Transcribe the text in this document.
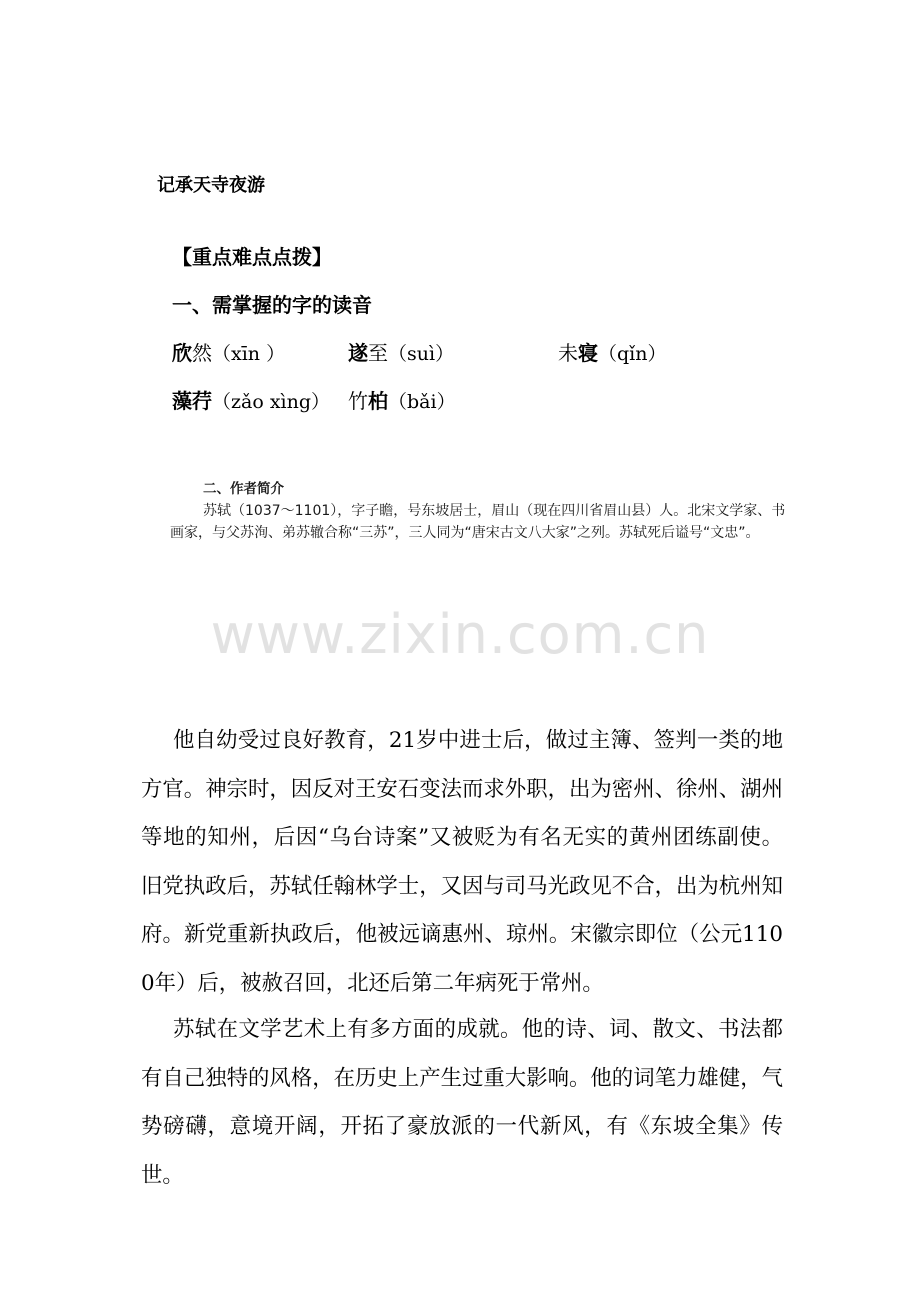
记承天寺夜游
【重点难点点拨】
一、需掌握的字的读音
欣然（xīn ）	遂至（suì）	未寝（qǐn）
藻荇（zǎo xìng） 竹柏（bǎi）
二、作者简介

苏轼（1037～1101），字子瞻，号东坡居士，眉山（现在四川省眉山县）人。北宋文学家、书画家，与父苏洵、弟苏辙合称“三苏”，三人同为“唐宋古文八大家”之列。苏轼死后谥号“文忠”。

www.zixin.com.cn

他自幼受过良好教育，21岁中进士后，做过主簿、签判一类的地方官。神宗时，因反对王安石变法而求外职，出为密州、徐州、湖州等地的知州，后因“乌台诗案”又被贬为有名无实的黄州团练副使。旧党执政后，苏轼任翰林学士，又因与司马光政见不合，出为杭州知府。新党重新执政后，他被远谪惠州、琼州。宋徽宗即位（公元1100年）后，被赦召回，北还后第二年病死于常州。

苏轼在文学艺术上有多方面的成就。他的诗、词、散文、书法都有自己独特的风格，在历史上产生过重大影响。他的词笔力雄健，气势磅礴，意境开阔，开拓了豪放派的一代新风，有《东坡全集》传世。
